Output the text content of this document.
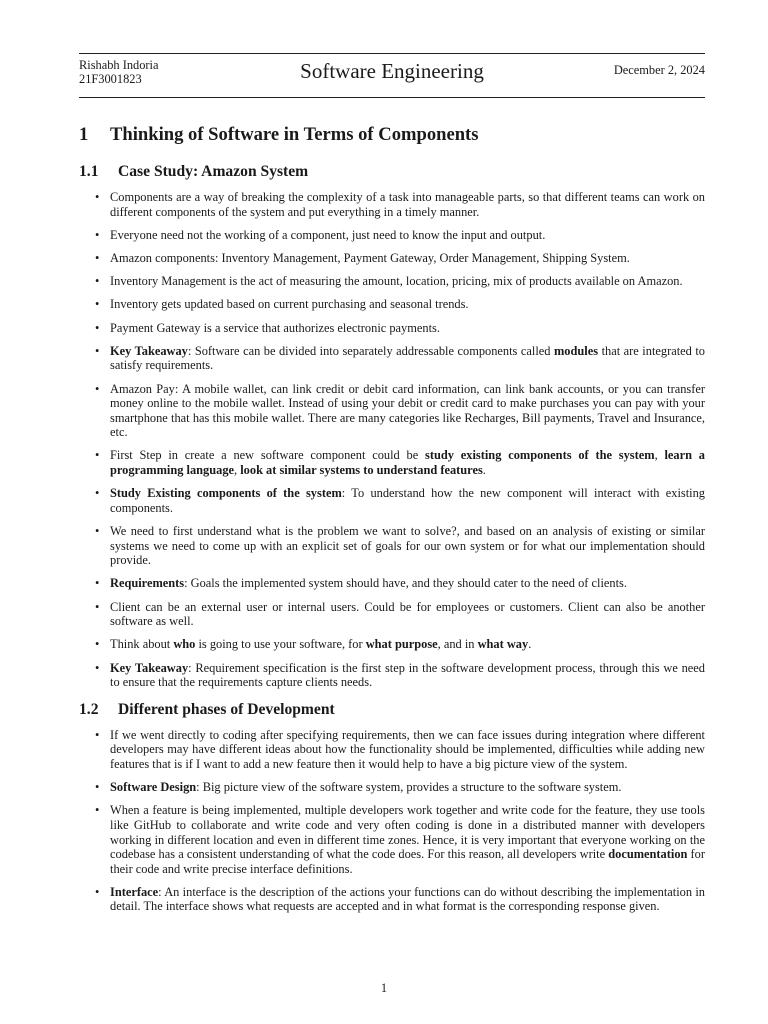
Rishabh Indoria
21F3001823	Software Engineering	December 2, 2024
1 Thinking of Software in Terms of Components
1.1 Case Study: Amazon System
• Components are a way of breaking the complexity of a task into manageable parts, so that different teams can work on different components of the system and put everything in a timely manner.
• Everyone need not the working of a component, just need to know the input and output.
• Amazon components: Inventory Management, Payment Gateway, Order Management, Shipping System.
• Inventory Management is the act of measuring the amount, location, pricing, mix of products available on Amazon.
• Inventory gets updated based on current purchasing and seasonal trends.
• Payment Gateway is a service that authorizes electronic payments.
• Key Takeaway: Software can be divided into separately addressable components called modules that are integrated to satisfy requirements.
• Amazon Pay: A mobile wallet, can link credit or debit card information, can link bank accounts, or you can transfer money online to the mobile wallet. Instead of using your debit or credit card to make purchases you can pay with your smartphone that has this mobile wallet. There are many categories like Recharges, Bill payments, Travel and Insurance, etc.
• First Step in create a new software component could be study existing components of the system, learn a programming language, look at similar systems to understand features.
• Study Existing components of the system: To understand how the new component will interact with existing components.
• We need to first understand what is the problem we want to solve?, and based on an analysis of existing or similar systems we need to come up with an explicit set of goals for our own system or for what our implementation should provide.
• Requirements: Goals the implemented system should have, and they should cater to the need of clients.
• Client can be an external user or internal users. Could be for employees or customers. Client can also be another software as well.
• Think about who is going to use your software, for what purpose, and in what way.
• Key Takeaway: Requirement specification is the first step in the software development process, through this we need to ensure that the requirements capture clients needs.
1.2 Different phases of Development
• If we went directly to coding after specifying requirements, then we can face issues during integration where different developers may have different ideas about how the functionality should be implemented, difficulties while adding new features that is if I want to add a new feature then it would help to have a big picture view of the system.
• Software Design: Big picture view of the software system, provides a structure to the software system.
• When a feature is being implemented, multiple developers work together and write code for the feature, they use tools like GitHub to collaborate and write code and very often coding is done in a distributed manner with developers working in different location and even in different time zones. Hence, it is very important that everyone working on the codebase has a consistent understanding of what the code does. For this reason, all developers write documentation for their code and write precise interface definitions.
• Interface: An interface is the description of the actions your functions can do without describing the implementation in detail. The interface shows what requests are accepted and in what format is the corresponding response given.
1
